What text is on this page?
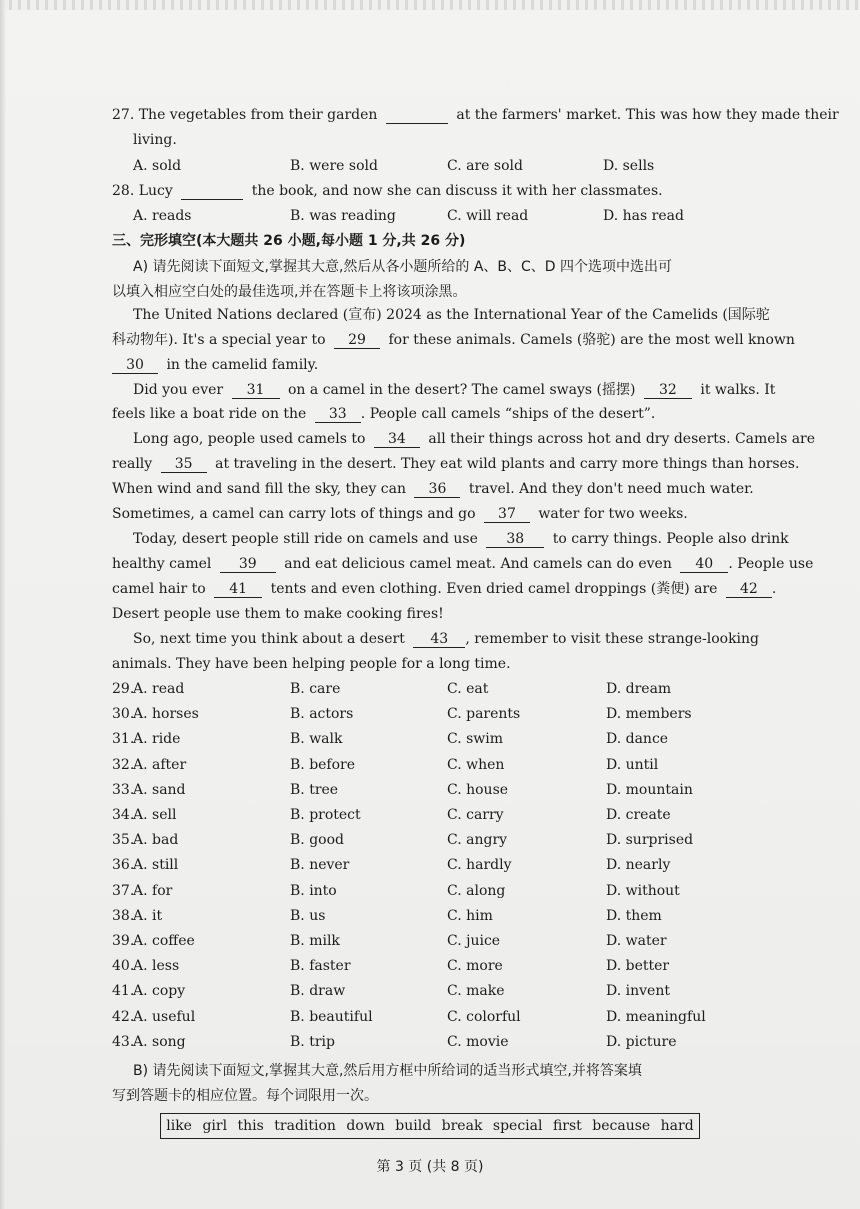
27. The vegetables from their garden	at the farmers' market. This was how they made their
living.
A. sold	B. were sold	C. are sold	D. sells
28. Lucy	the book, and now she can discuss it with her classmates.
A. reads	B. was reading	C. will read	D. has read
三、完形填空(本大题共 26 小题,每小题 1 分,共 26 分)
A) 请先阅读下面短文,掌握其大意,然后从各小题所给的 A、B、C、D 四个选项中选出可
以填入相应空白处的最佳选项,并在答题卡上将该项涂黑。
The United Nations declared (宣布) 2024 as the International Year of the Camelids (国际驼
科动物年). It's a special year to 29 for these animals. Camels (骆驼) are the most well known
30 in the camelid family.
Did you ever 31 on a camel in the desert? The camel sways (摇摆) 32 it walks. It
feels like a boat ride on the 33 . People call camels “ships of the desert”.
Long ago, people used camels to 34 all their things across hot and dry deserts. Camels are
really 35 at traveling in the desert. They eat wild plants and carry more things than horses.
When wind and sand fill the sky, they can 36 travel. And they don't need much water.
Sometimes, a camel can carry lots of things and go 37 water for two weeks.
Today, desert people still ride on camels and use 38 to carry things. People also drink
healthy camel 39 and eat delicious camel meat. And camels can do even 40 . People use
camel hair to 41 tents and even clothing. Even dried camel droppings (粪便) are 42 .
Desert people use them to make cooking fires!
So, next time you think about a desert 43 , remember to visit these strange-looking
animals. They have been helping people for a long time.
29.
A. read	B. care	C. eat	D. dream
30.
A. horses	B. actors	C. parents	D. members
31.
A. ride	B. walk	C. swim	D. dance
32.
A. after	B. before	C. when	D. until
33.
A. sand	B. tree	C. house	D. mountain
34.
A. sell	B. protect	C. carry	D. create
35.
A. bad	B. good	C. angry	D. surprised
36.
A. still	B. never	C. hardly	D. nearly
37.
A. for	B. into	C. along	D. without
38.
A. it	B. us	C. him	D. them
39.
A. coffee	B. milk	C. juice	D. water
40.
A. less	B. faster	C. more	D. better
41.
A. copy	B. draw	C. make	D. invent
42.
A. useful	B. beautiful	C. colorful	D. meaningful
43.
A. song	B. trip	C. movie	D. picture
B) 请先阅读下面短文,掌握其大意,然后用方框中所给词的适当形式填空,并将答案填
写到答题卡的相应位置。每个词限用一次。
like girl this tradition down build break special first because hard
第 3 页 (共 8 页)
